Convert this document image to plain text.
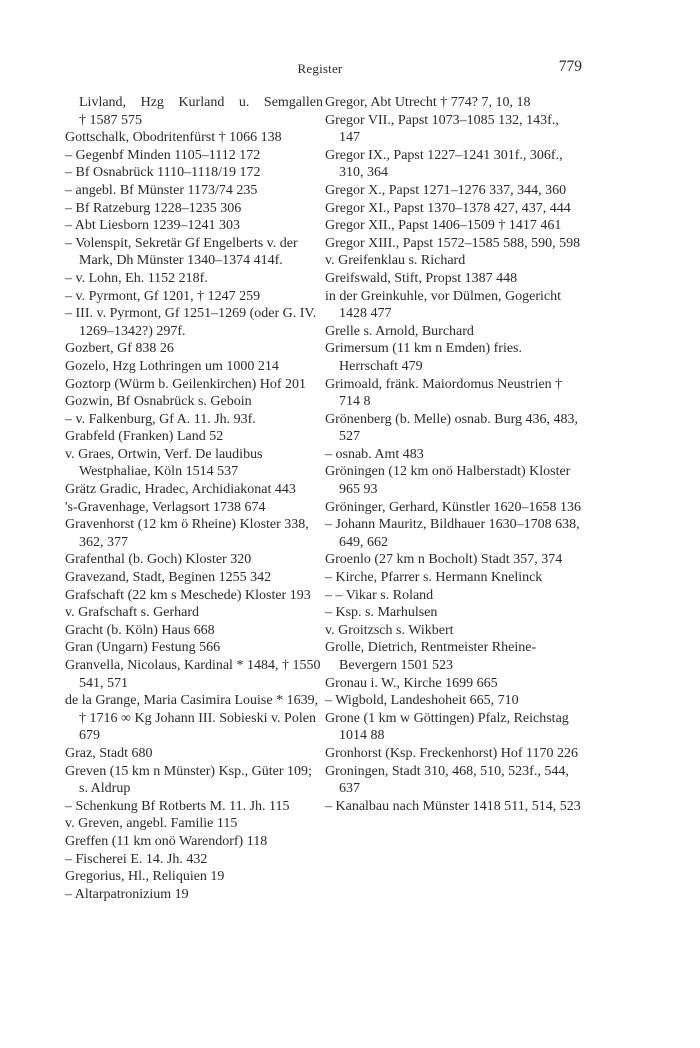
Register	779
Livland, Hzg Kurland u. Semgallen
† 1587 575
Gottschalk, Obodritenfürst † 1066 138
– Gegenbf Minden 1105–1112 172
– Bf Osnabrück 1110–1118/19 172
– angebl. Bf Münster 1173/74 235
– Bf Ratzeburg 1228–1235 306
– Abt Liesborn 1239–1241 303
– Volenspit, Sekretär Gf Engelberts v. der Mark, Dh Münster 1340–1374 414f.
– v. Lohn, Eh. 1152 218f.
– v. Pyrmont, Gf 1201, † 1247 259
– III. v. Pyrmont, Gf 1251–1269 (oder G. IV. 1269–1342?) 297f.
Gozbert, Gf 838 26
Gozelo, Hzg Lothringen um 1000 214
Goztorp (Würm b. Geilenkirchen) Hof 201
Gozwin, Bf Osnabrück s. Geboin
– v. Falkenburg, Gf A. 11. Jh. 93f.
Grabfeld (Franken) Land 52
v. Graes, Ortwin, Verf. De laudibus Westphaliae, Köln 1514 537
Grätz Gradic, Hradec, Archidiakonat 443
's-Gravenhage, Verlagsort 1738 674
Gravenhorst (12 km ö Rheine) Kloster 338, 362, 377
Grafenthal (b. Goch) Kloster 320
Gravezand, Stadt, Beginen 1255 342
Grafschaft (22 km s Meschede) Kloster 193
v. Grafschaft s. Gerhard
Gracht (b. Köln) Haus 668
Gran (Ungarn) Festung 566
Granvella, Nicolaus, Kardinal * 1484, † 1550 541, 571
de la Grange, Maria Casimira Louise * 1639, † 1716 ∞ Kg Johann III. Sobieski v. Polen 679
Graz, Stadt 680
Greven (15 km n Münster) Ksp., Güter 109; s. Aldrup
– Schenkung Bf Rotberts M. 11. Jh. 115
v. Greven, angebl. Familie 115
Greffen (11 km onö Warendorf) 118
– Fischerei E. 14. Jh. 432
Gregorius, Hl., Reliquien 19
– Altarpatronizium 19
Gregor, Abt Utrecht † 774? 7, 10, 18
Gregor VII., Papst 1073–1085 132, 143f., 147
Gregor IX., Papst 1227–1241 301f., 306f., 310, 364
Gregor X., Papst 1271–1276 337, 344, 360
Gregor XI., Papst 1370–1378 427, 437, 444
Gregor XII., Papst 1406–1509 † 1417 461
Gregor XIII., Papst 1572–1585 588, 590, 598
v. Greifenklau s. Richard
Greifswald, Stift, Propst 1387 448
in der Greinkuhle, vor Dülmen, Gogericht 1428 477
Grelle s. Arnold, Burchard
Grimersum (11 km n Emden) fries. Herrschaft 479
Grimoald, fränk. Maiordomus Neustrien † 714 8
Grönenberg (b. Melle) osnab. Burg 436, 483, 527
– osnab. Amt 483
Gröningen (12 km onö Halberstadt) Kloster 965 93
Gröninger, Gerhard, Künstler 1620–1658 136
– Johann Mauritz, Bildhauer 1630–1708 638, 649, 662
Groenlo (27 km n Bocholt) Stadt 357, 374
– Kirche, Pfarrer s. Hermann Knelinck
– – Vikar s. Roland
– Ksp. s. Marhulsen
v. Groitzsch s. Wikbert
Grolle, Dietrich, Rentmeister Rheine-Bevergern 1501 523
Gronau i. W., Kirche 1699 665
– Wigbold, Landeshoheit 665, 710
Grone (1 km w Göttingen) Pfalz, Reichstag 1014 88
Gronhorst (Ksp. Freckenhorst) Hof 1170 226
Groningen, Stadt 310, 468, 510, 523f., 544, 637
– Kanalbau nach Münster 1418 511, 514, 523
